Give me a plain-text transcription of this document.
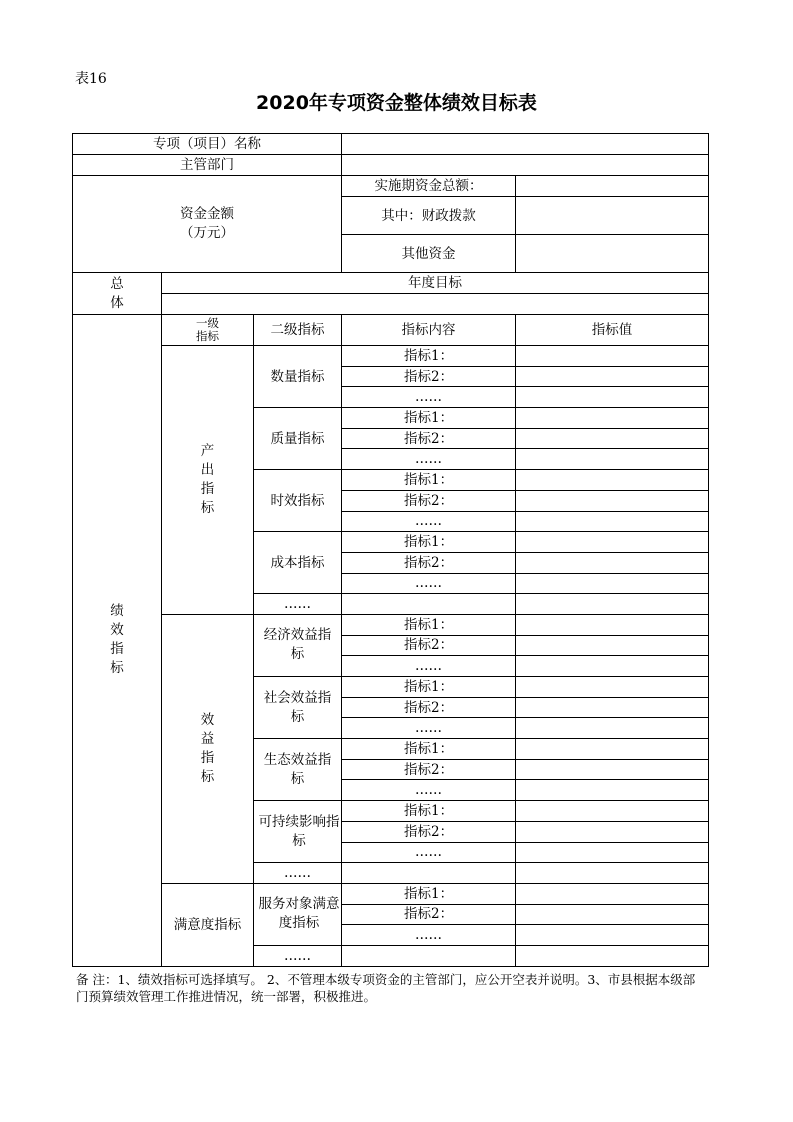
表16
2020年专项资金整体绩效目标表
专项（项目）名称				
主管部门				
资金金额
（万元）			实施期资金总额：	
			其中：财政拨款	
			其他资金	
总
体	年度目标			

绩效指标	一级指标	二级指标	指标内容	指标值

	产出指标	数量指标	指标1：	
			指标2：	
			……	
		质量指标	指标1：	
			指标2：	
			……	
		时效指标	指标1：	
			指标2：	
			……	
		成本指标	指标1：	
			指标2：	
			……	
		……		

	效益指标	经济效益指标	指标1：	
			指标2：	
			……	

		社会效益指标	指标1：	
			指标2：	
			……	

		生态效益指标	指标1：	
			指标2：	
			……	

		可持续影响指标	指标1：	
			指标2：	
			……	
		……		
	满意度指标	服务对象满意度指标	指标1：	
			指标2：	
			……	
		……		
备 注：1、绩效指标可选择填写。 2、不管理本级专项资金的主管部门，应公开空表并说明。3、市县根据本级部门预算绩效管理工作推进情况，统一部署，积极推进。
